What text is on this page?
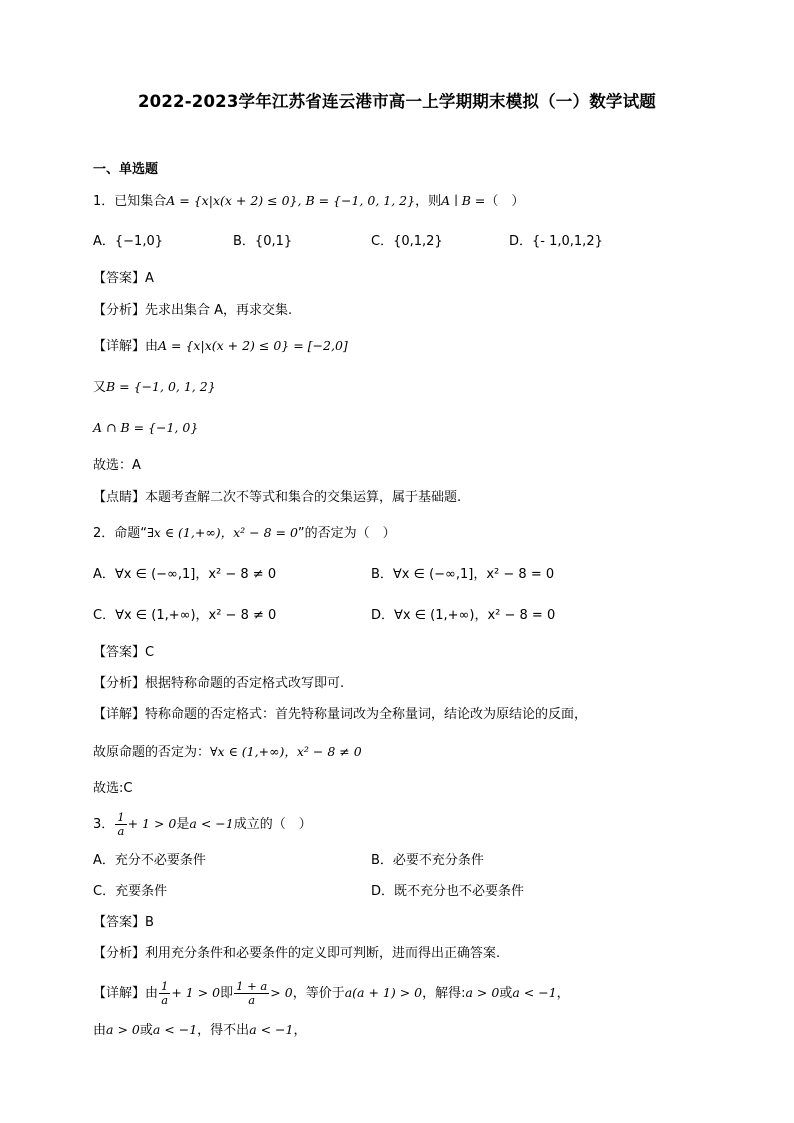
2022-2023学年江苏省连云港市高一上学期期末模拟（一）数学试题
一、单选题
1．已知集合A = {x|x(x + 2) ≤ 0}, B = {−1, 0, 1, 2}，则A ∣ B =（　）
A．{−1,0}	B．{0,1}	C．{0,1,2}	D．{- 1,0,1,2}
【答案】A
【分析】先求出集合 A，再求交集.
【详解】由A = {x|x(x + 2) ≤ 0} = [−2,0]
又B = {−1, 0, 1, 2}
A ∩ B = {−1, 0}
故选：A
【点睛】本题考查解二次不等式和集合的交集运算，属于基础题.
2．命题“∃x ∈ (1,+∞)，x² − 8 = 0”的否定为（　）
A．∀x ∈ (−∞,1]，x² − 8 ≠ 0	B．∀x ∈ (−∞,1]，x² − 8 = 0
C．∀x ∈ (1,+∞)，x² − 8 ≠ 0	D．∀x ∈ (1,+∞)，x² − 8 = 0
【答案】C
【分析】根据特称命题的否定格式改写即可.
【详解】特称命题的否定格式：首先特称量词改为全称量词，结论改为原结论的反面，
故原命题的否定为：∀x ∈ (1,+∞)，x² − 8 ≠ 0
故选:C
3． $\frac{1}{a} + 1 > 0$是a < −1成立的（　）
A．充分不必要条件	B．必要不充分条件
C．充要条件	D．既不充分也不必要条件
【答案】B
【分析】利用充分条件和必要条件的定义即可判断，进而得出正确答案.
【详解】由 $\frac{1}{a} + 1 > 0$即 $\frac{1 + a}{a} > 0$，等价于a(a + 1) > 0，解得:a > 0或a < −1，
由a > 0或a < −1，得不出a < −1，
